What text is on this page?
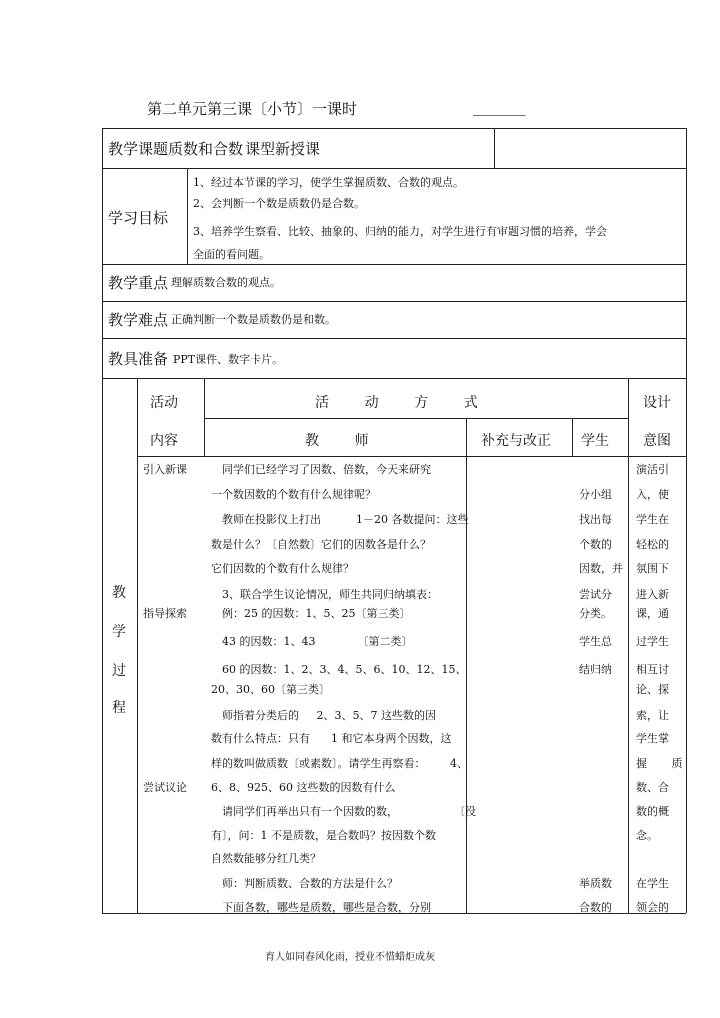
第二单元第三课〔小节〕一课时	_______
教学课题 质数和合数 课型 新授课
学习目标
1、经过本节课的学习，使学生掌握质数、合数的观点。
2、会判断一个数是质数仍是合数。
3、培养学生察看、比较、抽象的、归纳的能力，对学生进行有审题习惯的培养，学会
全面的看问题。
教学重点 理解质数合数的观点。
教学难点 正确判断一个数是质数仍是和数。
教具准备 PPT课件、数字卡片。
活动
内容
活        动        方        式
教        师	补充与改正 学生
设计
意图
教
学
过
程
引入新课
指导探索
尝试议论
同学们已经学习了因数、倍数，今天来研究
一个数因数的个数有什么规律呢？
教师在投影仪上打出          1－20 各数提问：这些
数是什么？〔自然数〕它们的因数各是什么？
它们因数的个数有什么规律？
3、联合学生议论情况，师生共同归纳填表：
例：25 的因数：1、5、25〔第三类〕
43 的因数：1、43            〔第二类〕
60 的因数：1、2、3、4、5、6、10、12、15、
20、30、60〔第三类〕
师指着分类后的     2、3、5、7 这些数的因
数有什么特点：只有      1 和它本身两个因数，这
样的数叫做质数〔或素数〕。请学生再察看：       4、
6、8、925、60 这些数的因数有什么
请同学们再举出只有一个因数的数，                〔没
有〕，问：1 不是质数，是合数吗？按因数个数
自然数能够分红几类？
师：判断质数、合数的方法是什么？
下面各数，哪些是质数，哪些是合数，分别
分小组
找出每
个数的
因数，并
尝试分
分类。
学生总
结归纳
举质数
合数的
演活引
入，使
学生在
轻松的
氛围下
进入新
课，通
过学生
相互讨
论、探
索，让
学生掌
握       质
数、合
数的概
念。
在学生
领会的
育人如同春风化雨，授业不惜蜡炬成灰
